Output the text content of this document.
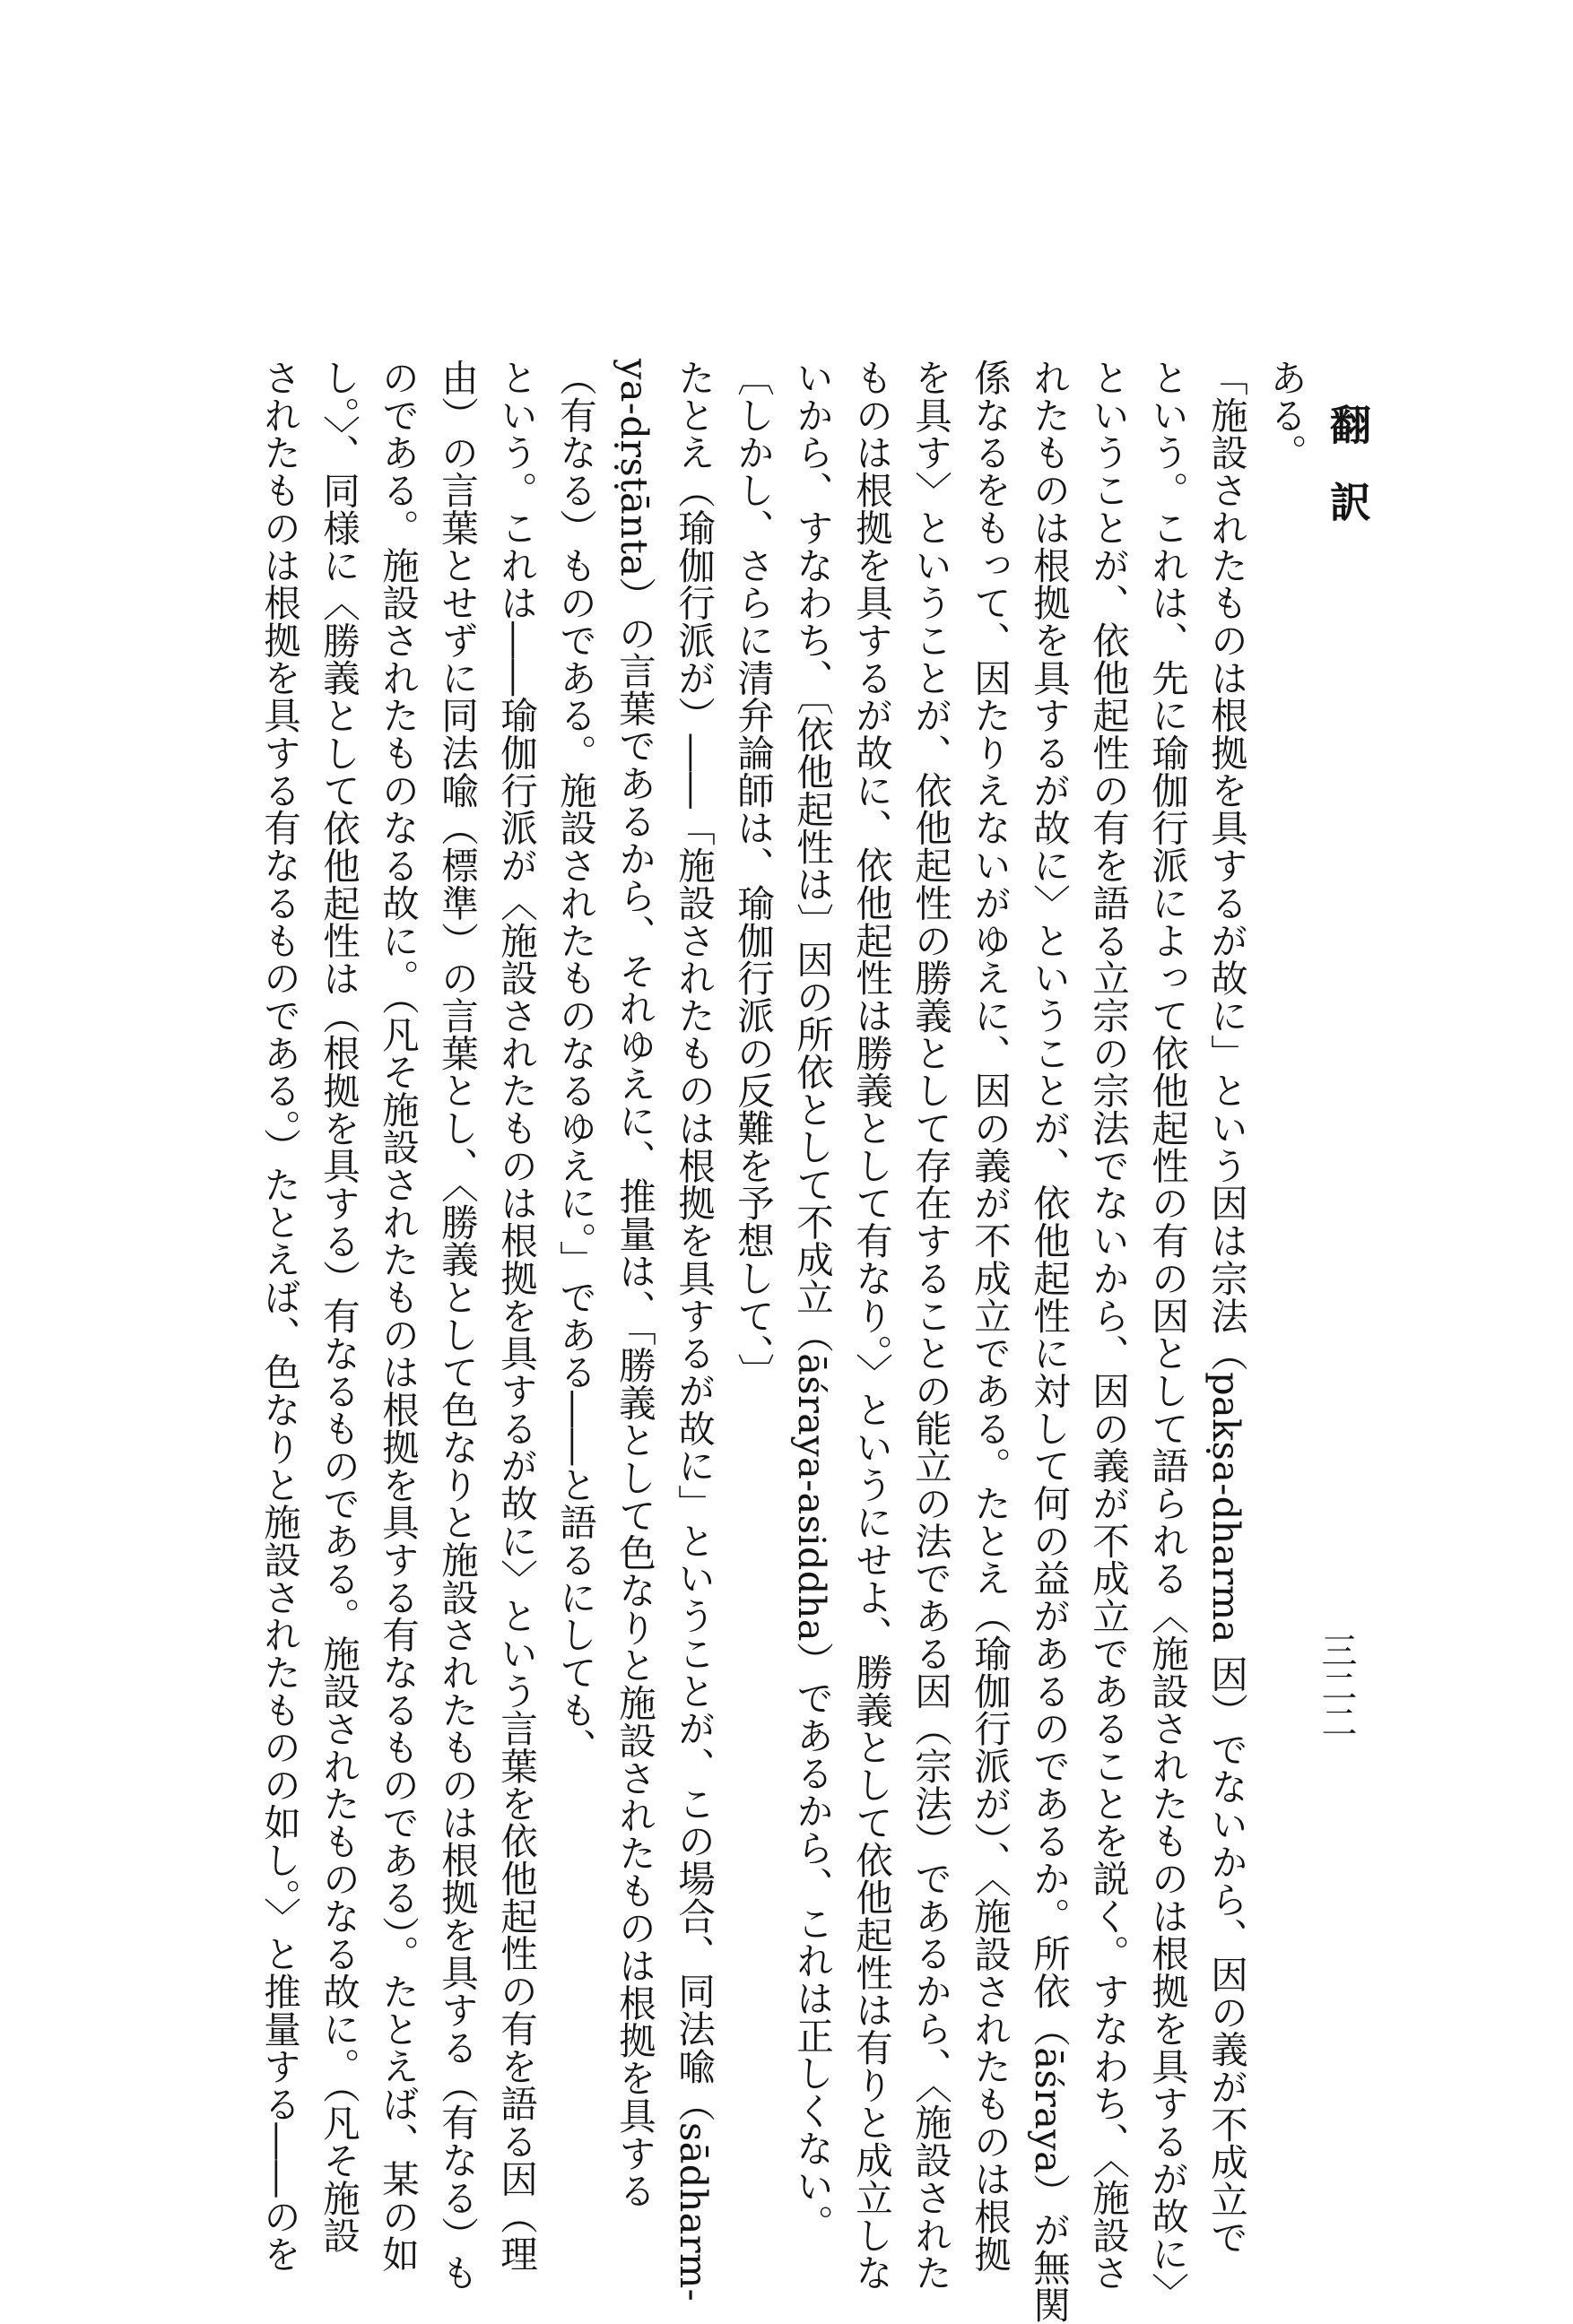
翻訳
三二二
ある。
「施設されたものは根拠を具するが故に」という因は宗法（pakṣa-dharma 因）でないから、因の義が不成立で
という。これは、先に瑜伽行派によって依他起性の有の因として語られる〈施設されたものは根拠を具するが故に〉
ということが、依他起性の有を語る立宗の宗法でないから、因の義が不成立であることを説く。すなわち、〈施設さ
れたものは根拠を具するが故に〉ということが、依他起性に対して何の益があるのであるか。所依（āśraya）が無関
係なるをもって、因たりえないがゆえに、因の義が不成立である。たとえ（瑜伽行派が）、〈施設されたものは根拠
を具す〉ということが、依他起性の勝義として存在することの能立の法である因（宗法）であるから、〈施設された
ものは根拠を具するが故に、依他起性は勝義として有なり。〉というにせよ、勝義として依他起性は有りと成立しな
いから、すなわち、〔依他起性は〕因の所依として不成立（āśraya-asiddha）であるから、これは正しくない。
〔しかし、さらに清弁論師は、瑜伽行派の反難を予想して、〕
たとえ（瑜伽行派が）――「施設されたものは根拠を具するが故に」ということが、この場合、同法喩（sādharm-
ya-dṛṣṭānta）の言葉であるから、それゆえに、推量は、「勝義として色なりと施設されたものは根拠を具する
（有なる）ものである。施設されたものなるゆえに。」である――と語るにしても、
という。これは――瑜伽行派が〈施設されたものは根拠を具するが故に〉という言葉を依他起性の有を語る因（理
由）の言葉とせずに同法喩（標準）の言葉とし、〈勝義として色なりと施設されたものは根拠を具する（有なる）も
のである。施設されたものなる故に。（凡そ施設されたものは根拠を具する有なるものである）。たとえば、某の如
し。〉、同様に〈勝義として依他起性は（根拠を具する）有なるものである。施設されたものなる故に。（凡そ施設
されたものは根拠を具する有なるものである。）たとえば、色なりと施設されたものの如し。〉と推量する――のを
